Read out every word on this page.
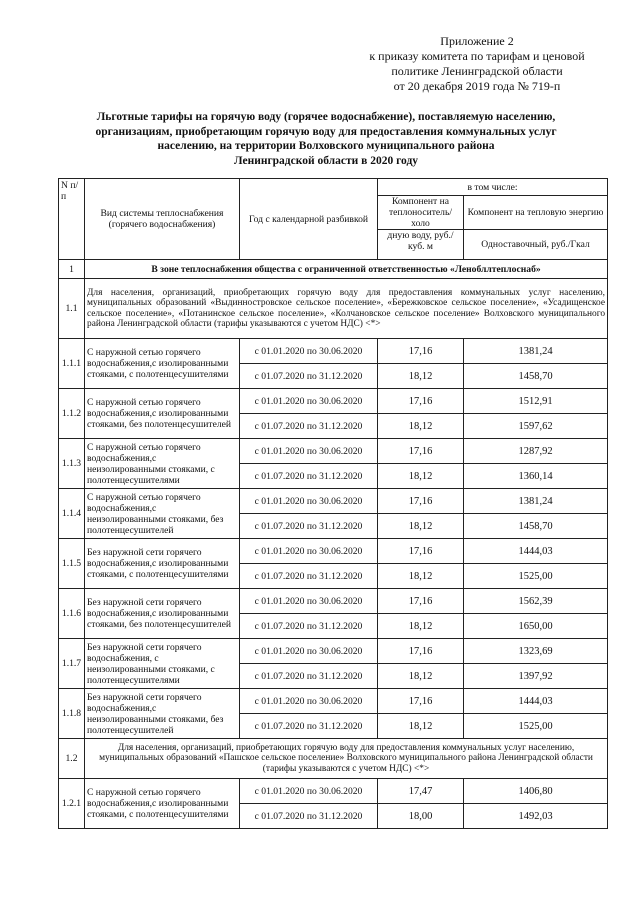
Приложение 2
к приказу комитета по тарифам и ценовой
политике Ленинградской области
от 20 декабря 2019 года № 719-п
Льготные тарифы на горячую воду (горячее водоснабжение), поставляемую населению,
организациям, приобретающим горячую воду для предоставления коммунальных услуг
населению, на территории Волховского муниципального района
Ленинградской области в 2020 году
N п/п	Вид системы теплоснабжения (горячего водоснабжения)	Год с календарной разбивкой	в том числе:	
			Компонент на теплоноситель/холо	Компонент на тепловую энергию
			дную воду, руб./куб. м	Одноставочный, руб./Гкал

1	В зоне теплоснабжения общества с ограниченной ответственностью «Ленобллтеплоснаб»			
1.1	Для населения, организаций, приобретающих горячую воду для предоставления коммунальных услуг населению, муниципальных образований «Выдинностровское сельское поселение», «Бережковское сельское поселение», «Усадищенское сельское поселение», «Потанинское сельское поселение», «Колчановское сельское поселение» Волховского муниципального района Ленинградской области (тарифы указываются с учетом НДС) <*>			
1.1.1	С наружной сетью горячего водоснабжения,с изолированными стояками, с полотенцесушителями	с 01.01.2020 по 30.06.2020	17,16	1381,24
		с 01.07.2020 по 31.12.2020	18,12	1458,70
1.1.2	С наружной сетью горячего водоснабжения,с изолированными стояками, без полотенцесушителей	с 01.01.2020 по 30.06.2020	17,16	1512,91
		с 01.07.2020 по 31.12.2020	18,12	1597,62
1.1.3	С наружной сетью горячего водоснабжения,с неизолированными стояками, с полотенцесушителями	с 01.01.2020 по 30.06.2020	17,16	1287,92
		с 01.07.2020 по 31.12.2020	18,12	1360,14
1.1.4	С наружной сетью горячего водоснабжения,с неизолированными стояками, без полотенцесушителей	с 01.01.2020 по 30.06.2020	17,16	1381,24
		с 01.07.2020 по 31.12.2020	18,12	1458,70
1.1.5	Без наружной сети горячего водоснабжения,с изолированными стояками, с полотенцесушителями	с 01.01.2020 по 30.06.2020	17,16	1444,03
		с 01.07.2020 по 31.12.2020	18,12	1525,00
1.1.6	Без наружной сети горячего водоснабжения,с изолированными стояками, без полотенцесушителей	с 01.01.2020 по 30.06.2020	17,16	1562,39
		с 01.07.2020 по 31.12.2020	18,12	1650,00
1.1.7	Без наружной сети горячего водоснабжения, с неизолированными стояками, с полотенцесушителями	с 01.01.2020 по 30.06.2020	17,16	1323,69
		с 01.07.2020 по 31.12.2020	18,12	1397,92
1.1.8	Без наружной сети горячего водоснабжения,с неизолированными стояками, без полотенцесушителей	с 01.01.2020 по 30.06.2020	17,16	1444,03
		с 01.07.2020 по 31.12.2020	18,12	1525,00
1.2	Для населения, организаций, приобретающих горячую воду для предоставления коммунальных услуг населению, муниципальных образований «Пашское сельское поселение» Волховского муниципального района Ленинградской области (тарифы указываются с учетом НДС) <*>			
1.2.1	С наружной сетью горячего водоснабжения,с изолированными стояками, с полотенцесушителями	с 01.01.2020 по 30.06.2020	17,47	1406,80
		с 01.07.2020 по 31.12.2020	18,00	1492,03
